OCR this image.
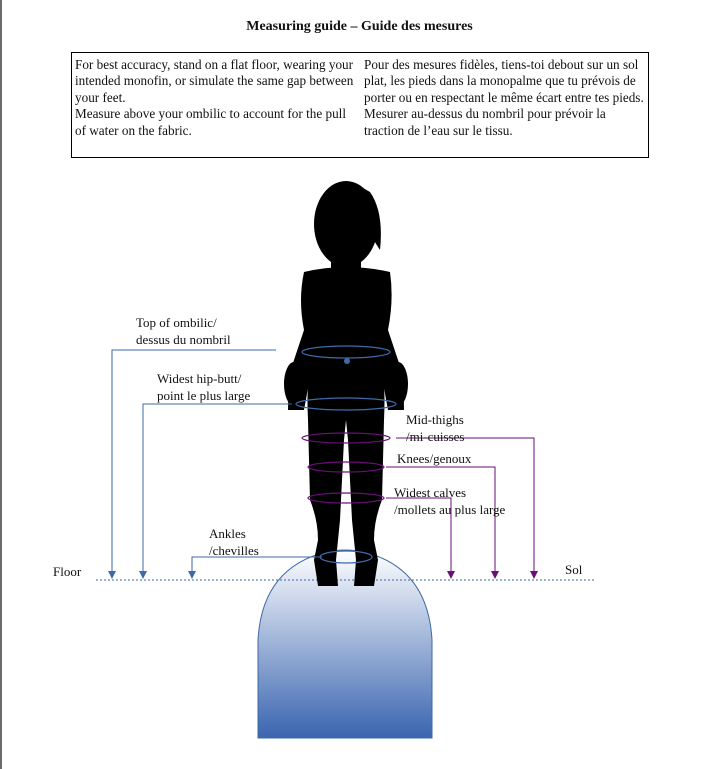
Measuring guide – Guide des mesures

For best accuracy, stand on a flat floor, wearing your intended monofin, or simulate the same gap between your feet.

Measure above your ombilic to account for the pull of water on the fabric.

Pour des mesures fidèles, tiens-toi debout sur un sol plat, les pieds dans la monopalme que tu prévois de porter ou en respectant le même écart entre tes pieds.

Mesurer au-dessus du nombril pour prévoir la traction de l’eau sur le tissu.

Top of ombilic/
dessus du nombril
Widest hip-butt/
point le plus large
Mid-thighs
/mi-cuisses
Knees/genoux
Widest calves
/mollets au plus large
Ankles
/chevilles
Floor	Sol
